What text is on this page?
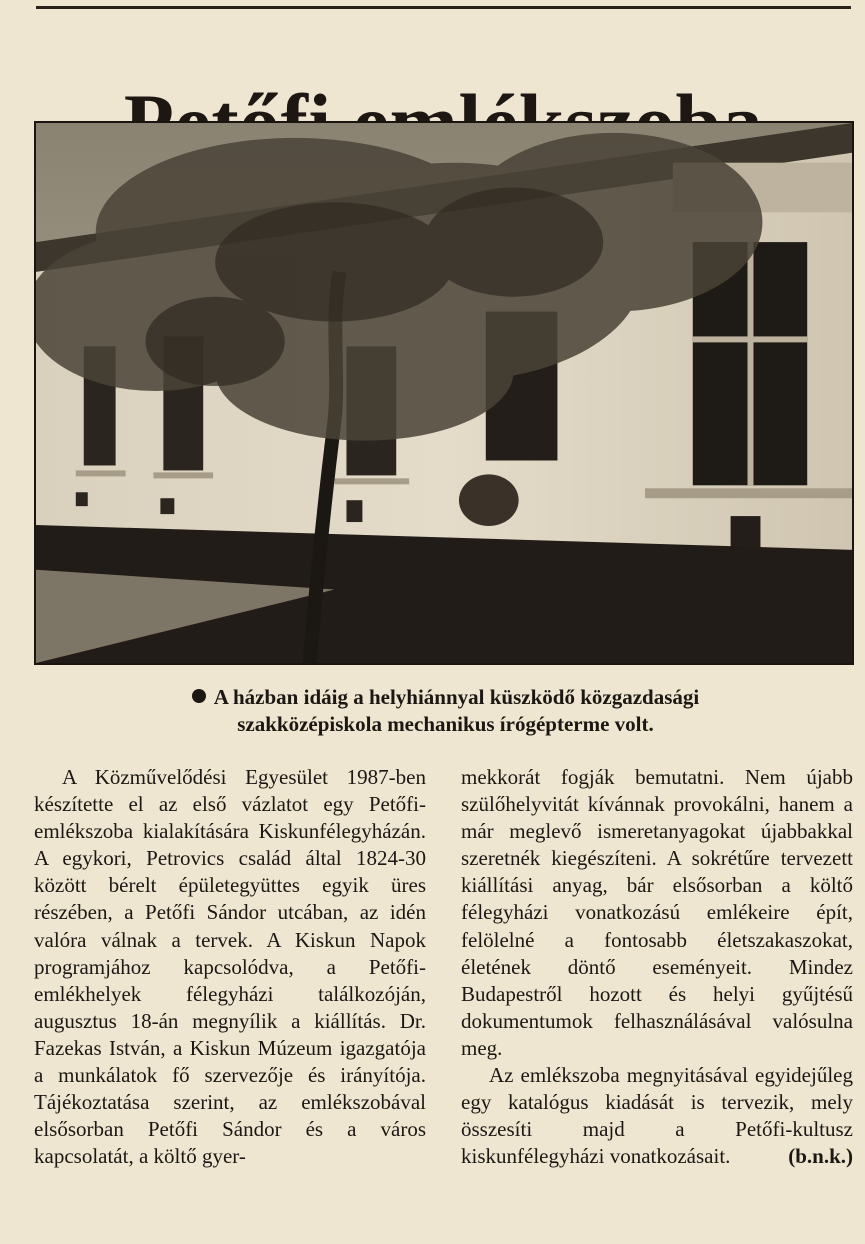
A házban idáig a helyhiánnyal küszködő közgazdasági
szakközépiskola mechanikus írógépterme volt.

A Közművelődési Egyesület 1987-ben készítette el az első vázlatot egy Petőfi-emlékszoba kialakítására Kiskunfélegyházán. A egykori, Petrovics család által 1824-30 között bérelt épületegyüttes egyik üres részében, a Petőfi Sándor utcában, az idén valóra válnak a tervek. A Kiskun Napok programjához kapcsolódva, a Petőfi-emlékhelyek félegyházi találkozóján, augusztus 18-án megnyílik a kiállítás. Dr. Fazekas István, a Kiskun Múzeum igazgatója a munkálatok fő szervezője és irányítója. Tájékoztatása szerint, az emlékszobával elsősorban Petőfi Sándor és a város kapcsolatát, a költő gyer-

mekkorát fogják bemutatni. Nem újabb szülőhelyvitát kívánnak provokálni, hanem a már meglevő ismeretanyagokat újabbakkal szeretnék kiegészíteni. A sokrétűre tervezett kiállítási anyag, bár elsősorban a költő félegyházi vonatkozású emlékeire épít, felölelné a fontosabb életszakaszokat, életének döntő eseményeit. Mindez Budapestről hozott és helyi gyűjtésű dokumentumok felhasználásával valósulna meg.

Az emlékszoba megnyitásával egyidejűleg egy katalógus kiadását is tervezik, mely összesíti majd a Petőfi-kultusz kiskunfélegyházi vonatkozásait.	(b.n.k.)
